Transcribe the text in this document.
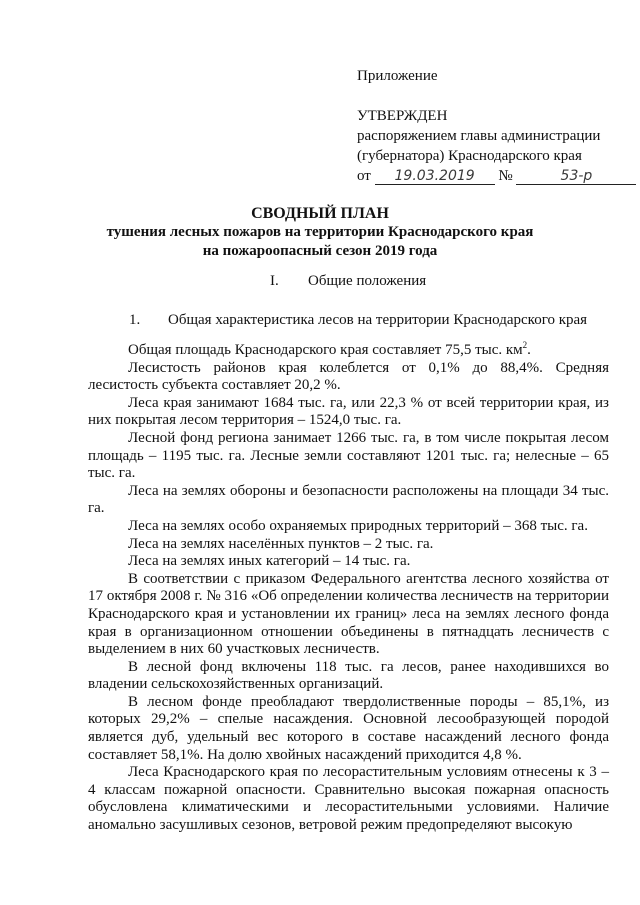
Приложение
УТВЕРЖДЕН
распоряжением главы администрации
(губернатора) Краснодарского края
от 19.03.2019 №	53-р
СВОДНЫЙ ПЛАН
тушения лесных пожаров на территории Краснодарского края
на пожароопасный сезон 2019 года
I. Общие положения
1. Общая характеристика лесов на территории Краснодарского края

Общая площадь Краснодарского края составляет 75,5 тыс. $км^2$.

Лесистость районов края колеблется от 0,1% до 88,4%. Средняя лесистость субъекта составляет 20,2 %.

Леса края занимают 1684 тыс. га, или 22,3 % от всей территории края, из них покрытая лесом территория – 1524,0 тыс. га.

Лесной фонд региона занимает 1266 тыс. га, в том числе покрытая лесом площадь – 1195 тыс. га. Лесные земли составляют 1201 тыс. га; нелесные – 65 тыс. га.

Леса на землях обороны и безопасности расположены на площади 34 тыс. га.

Леса на землях особо охраняемых природных территорий – 368 тыс. га.

Леса на землях населённых пунктов – 2 тыс. га.

Леса на землях иных категорий – 14 тыс. га.

В соответствии с приказом Федерального агентства лесного хозяйства от 17 октября 2008 г. № 316 «Об определении количества лесничеств на территории Краснодарского края и установлении их границ» леса на землях лесного фонда края в организационном отношении объединены в пятнадцать лесничеств с выделением в них 60 участковых лесничеств.

В лесной фонд включены 118 тыс. га лесов, ранее находившихся во владении сельскохозяйственных организаций.

В лесном фонде преобладают твердолиственные породы – 85,1%, из которых 29,2% – спелые насаждения. Основной лесообразующей породой является дуб, удельный вес которого в составе насаждений лесного фонда составляет 58,1%. На долю хвойных насаждений приходится 4,8 %.

Леса Краснодарского края по лесорастительным условиям отнесены к 3 – 4 классам пожарной опасности. Сравнительно высокая пожарная опасность обусловлена климатическими и лесорастительными условиями. Наличие аномально засушливых сезонов, ветровой режим предопределяют высокую
